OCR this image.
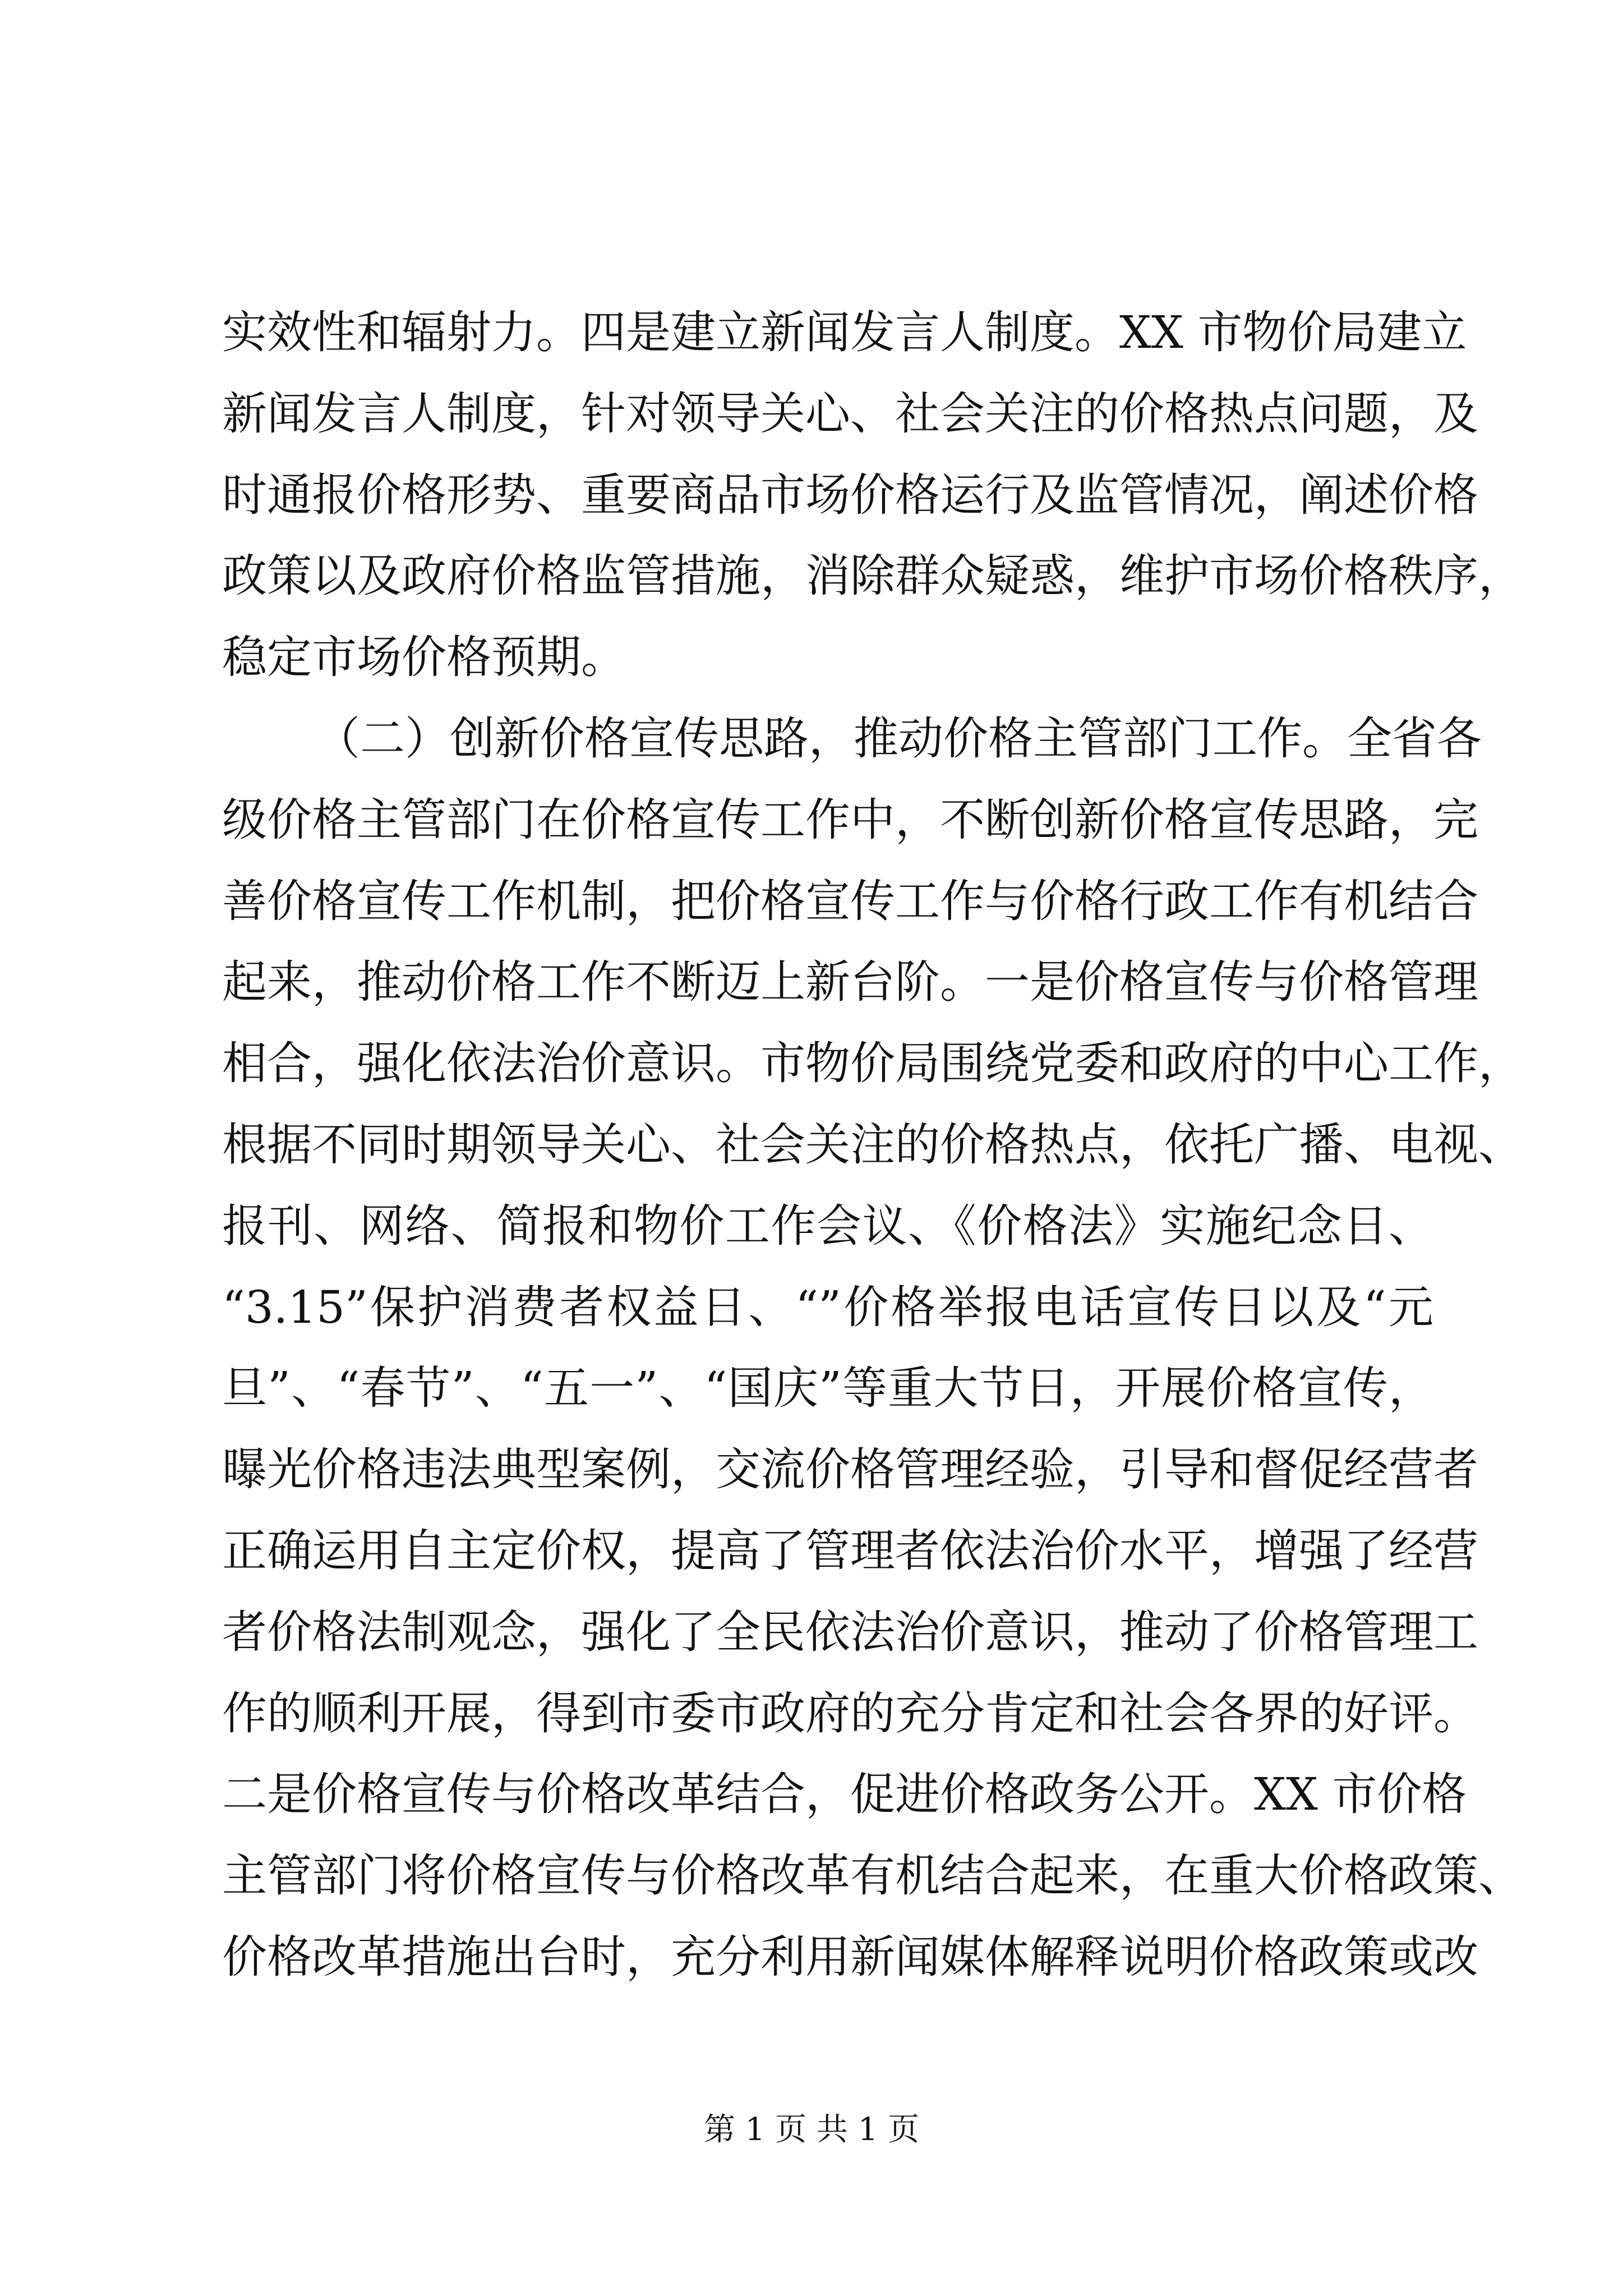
实效性和辐射力。四是建立新闻发言人制度。XX 市物价局建立
新闻发言人制度，针对领导关心、社会关注的价格热点问题，及
时通报价格形势、重要商品市场价格运行及监管情况，阐述价格
政策以及政府价格监管措施，消除群众疑惑，维护市场价格秩序，
稳定市场价格预期。
（二）创新价格宣传思路，推动价格主管部门工作。全省各
级价格主管部门在价格宣传工作中，不断创新价格宣传思路，完
善价格宣传工作机制，把价格宣传工作与价格行政工作有机结合
起来，推动价格工作不断迈上新台阶。一是价格宣传与价格管理
相合，强化依法治价意识。市物价局围绕党委和政府的中心工作，
根据不同时期领导关心、社会关注的价格热点，依托广播、电视、
报刊、网络、简报和物价工作会议、《价格法》实施纪念日、
“3.15”保护消费者权益日、“”价格举报电话宣传日以及“元
旦”、“春节”、“五一”、“国庆”等重大节日，开展价格宣传，
曝光价格违法典型案例，交流价格管理经验，引导和督促经营者
正确运用自主定价权，提高了管理者依法治价水平，增强了经营
者价格法制观念，强化了全民依法治价意识，推动了价格管理工
作的顺利开展，得到市委市政府的充分肯定和社会各界的好评。
二是价格宣传与价格改革结合，促进价格政务公开。XX 市价格
主管部门将价格宣传与价格改革有机结合起来，在重大价格政策、
价格改革措施出台时，充分利用新闻媒体解释说明价格政策或改
第 1 页 共 1 页
